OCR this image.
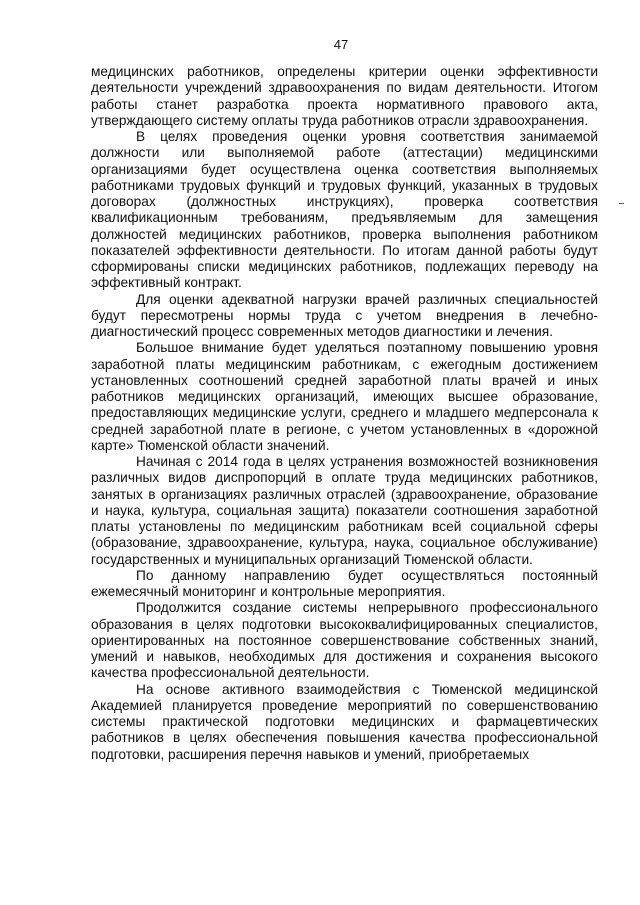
47

медицинских работников, определены критерии оценки эффективности деятельности учреждений здравоохранения по видам деятельности. Итогом работы станет разработка проекта нормативного правового акта, утверждающего систему оплаты труда работников отрасли здравоохранения.

В целях проведения оценки уровня соответствия занимаемой должности или выполняемой работе (аттестации) медицинскими организациями будет осуществлена оценка соответствия выполняемых работниками трудовых функций и трудовых функций, указанных в трудовых договорах (должностных инструкциях), проверка соответствия квалификационным требованиям, предъявляемым для замещения должностей медицинских работников, проверка выполнения работником показателей эффективности деятельности. По итогам данной работы будут сформированы списки медицинских работников, подлежащих переводу на эффективный контракт.

Для оценки адекватной нагрузки врачей различных специальностей будут пересмотрены нормы труда с учетом внедрения в лечебно-диагностический процесс современных методов диагностики и лечения.

Большое внимание будет уделяться поэтапному повышению уровня заработной платы медицинским работникам, с ежегодным достижением установленных соотношений средней заработной платы врачей и иных работников медицинских организаций, имеющих высшее образование, предоставляющих медицинские услуги, среднего и младшего медперсонала к средней заработной плате в регионе, с учетом установленных в «дорожной карте» Тюменской области значений.

Начиная с 2014 года в целях устранения возможностей возникновения различных видов диспропорций в оплате труда медицинских работников, занятых в организациях различных отраслей (здравоохранение, образование и наука, культура, социальная защита) показатели соотношения заработной платы установлены по медицинским работникам всей социальной сферы (образование, здравоохранение, культура, наука, социальное обслуживание) государственных и муниципальных организаций Тюменской области.

По данному направлению будет осуществляться постоянный ежемесячный мониторинг и контрольные мероприятия.

Продолжится создание системы непрерывного профессионального образования в целях подготовки высококвалифицированных специалистов, ориентированных на постоянное совершенствование собственных знаний, умений и навыков, необходимых для достижения и сохранения высокого качества профессиональной деятельности.

На основе активного взаимодействия с Тюменской медицинской Академией планируется проведение мероприятий по совершенствованию системы практической подготовки медицинских и фармацевтических работников в целях обеспечения повышения качества профессиональной подготовки, расширения перечня навыков и умений, приобретаемых
